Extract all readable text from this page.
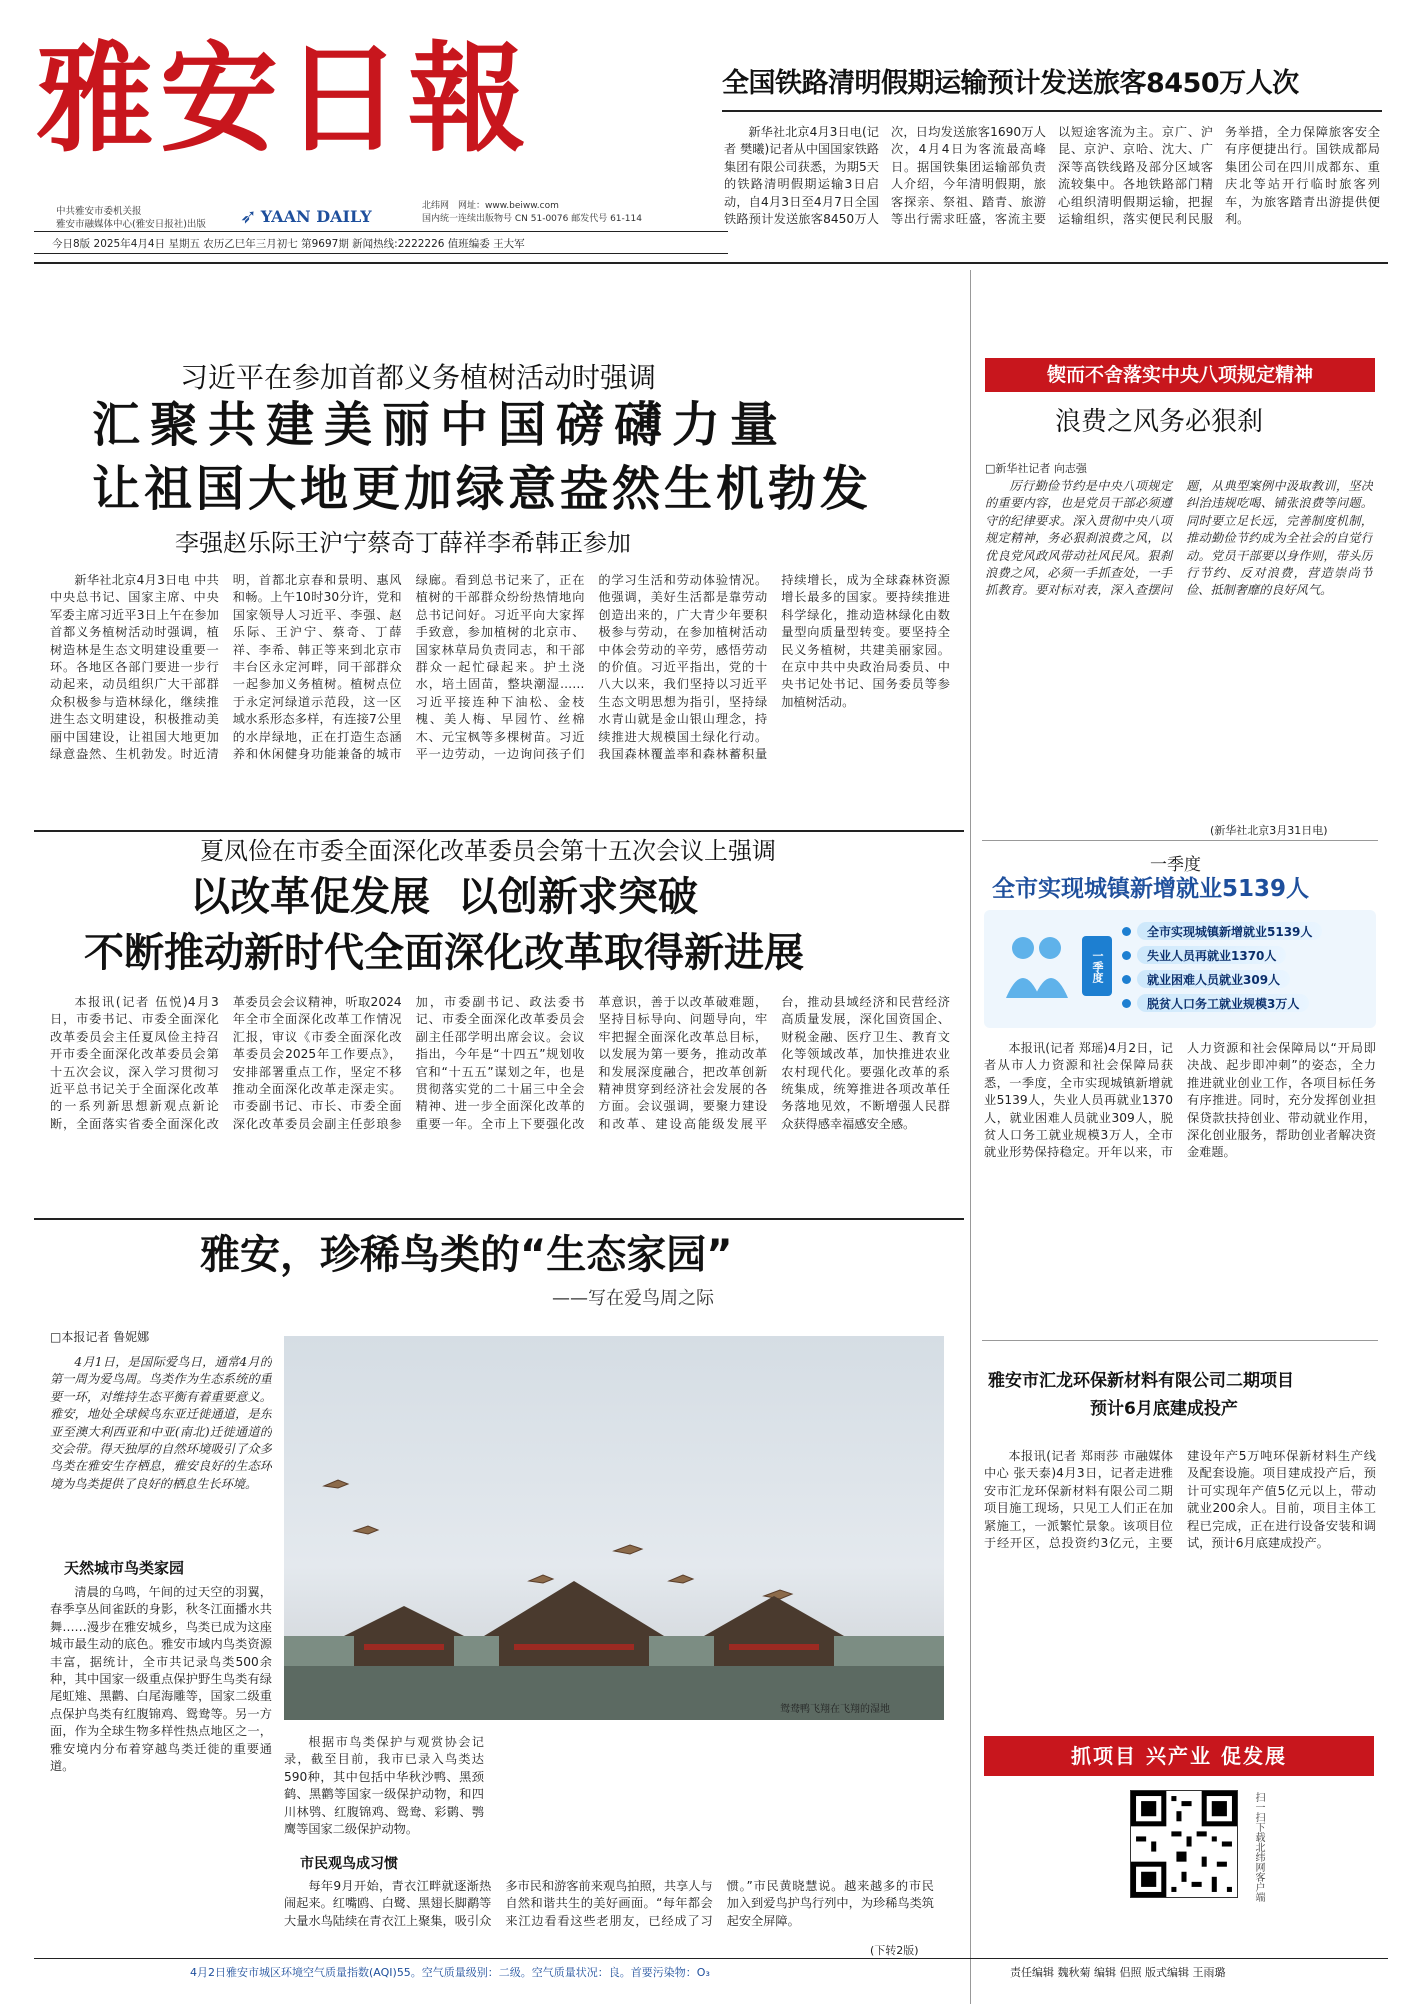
雅安日報
中共雅安市委机关报
雅安市融媒体中心(雅安日报社)出版	➶ YAAN DAILY
北纬网　 网址：www.beiww.com
国内统一连续出版物号 CN 51-0076 邮发代号 61-114
今日8版 2025年4月4日 星期五 农历乙巳年三月初七 第9697期 新闻热线:2222226 值班编委 王大军
全国铁路清明假期运输预计发送旅客8450万人次
新华社北京4月3日电(记者 樊曦)记者从中国国家铁路集团有限公司获悉，为期5天的铁路清明假期运输3日启动，自4月3日至4月7日全国铁路预计发送旅客8450万人次，日均发送旅客1690万人次，4月4日为客流最高峰日。据国铁集团运输部负责人介绍，今年清明假期，旅客探亲、祭祖、踏青、旅游等出行需求旺盛，客流主要以短途客流为主。京广、沪昆、京沪、京哈、沈大、广深等高铁线路及部分区域客流较集中。各地铁路部门精心组织清明假期运输，把握运输组织，落实便民利民服务举措，全力保障旅客安全有序便捷出行。国铁成都局集团公司在四川成都东、重庆北等站开行临时旅客列车，为旅客踏青出游提供便利。
习近平在参加首都义务植树活动时强调
汇聚共建美丽中国磅礴力量
让祖国大地更加绿意盎然生机勃发
李强赵乐际王沪宁蔡奇丁薛祥李希韩正参加
新华社北京4月3日电 中共中央总书记、国家主席、中央军委主席习近平3日上午在参加首都义务植树活动时强调，植树造林是生态文明建设重要一环。各地区各部门要进一步行动起来，动员组织广大干部群众积极参与造林绿化，继续推进生态文明建设，积极推动美丽中国建设，让祖国大地更加绿意盎然、生机勃发。时近清明，首都北京春和景明、惠风和畅。上午10时30分许，党和国家领导人习近平、李强、赵乐际、王沪宁、蔡奇、丁薛祥、李希、韩正等来到北京市丰台区永定河畔，同干部群众一起参加义务植树。植树点位于永定河绿道示范段，这一区域水系形态多样，有连接7公里的水岸绿地，正在打造生态涵养和休闲健身功能兼备的城市绿廊。看到总书记来了，正在植树的干部群众纷纷热情地向总书记问好。习近平向大家挥手致意，参加植树的北京市、国家林草局负责同志，和干部群众一起忙碌起来。护土浇水，培土固苗，整块潮湿……习近平接连种下油松、金枝槐、美人梅、早园竹、丝棉木、元宝枫等多棵树苗。习近平一边劳动，一边询问孩子们的学习生活和劳动体验情况。他强调，美好生活都是靠劳动创造出来的，广大青少年要积极参与劳动，在参加植树活动中体会劳动的辛劳，感悟劳动的价值。习近平指出，党的十八大以来，我们坚持以习近平生态文明思想为指引，坚持绿水青山就是金山银山理念，持续推进大规模国土绿化行动。我国森林覆盖率和森林蓄积量持续增长，成为全球森林资源增长最多的国家。要持续推进科学绿化，推动造林绿化由数量型向质量型转变。要坚持全民义务植树，共建美丽家园。在京中共中央政治局委员、中央书记处书记、国务委员等参加植树活动。
锲而不舍落实中央八项规定精神
浪费之风务必狠刹
□新华社记者 向志强
厉行勤俭节约是中央八项规定的重要内容，也是党员干部必须遵守的纪律要求。深入贯彻中央八项规定精神，务必狠刹浪费之风，以优良党风政风带动社风民风。狠刹浪费之风，必须一手抓查处，一手抓教育。要对标对表，深入查摆问题，从典型案例中汲取教训，坚决纠治违规吃喝、铺张浪费等问题。同时要立足长远，完善制度机制，推动勤俭节约成为全社会的自觉行动。党员干部要以身作则，带头厉行节约、反对浪费，营造崇尚节俭、抵制奢靡的良好风气。
(新华社北京3月31日电)
夏凤俭在市委全面深化改革委员会第十五次会议上强调
以改革促发展  以创新求突破
不断推动新时代全面深化改革取得新进展
本报讯(记者 伍悦)4月3日，市委书记、市委全面深化改革委员会主任夏凤俭主持召开市委全面深化改革委员会第十五次会议，深入学习贯彻习近平总书记关于全面深化改革的一系列新思想新观点新论断，全面落实省委全面深化改革委员会会议精神，听取2024年全市全面深化改革工作情况汇报，审议《市委全面深化改革委员会2025年工作要点》，安排部署重点工作，坚定不移推动全面深化改革走深走实。市委副书记、市长、市委全面深化改革委员会副主任彭琅参加，市委副书记、政法委书记、市委全面深化改革委员会副主任邵学明出席会议。会议指出，今年是“十四五”规划收官和“十五五”谋划之年，也是贯彻落实党的二十届三中全会精神、进一步全面深化改革的重要一年。全市上下要强化改革意识，善于以改革破难题，坚持目标导向、问题导向，牢牢把握全面深化改革总目标，以发展为第一要务，推动改革和发展深度融合，把改革创新精神贯穿到经济社会发展的各方面。会议强调，要聚力建设和改革、建设高能级发展平台，推动县域经济和民营经济高质量发展，深化国资国企、财税金融、医疗卫生、教育文化等领域改革，加快推进农业农村现代化。要强化改革的系统集成，统筹推进各项改革任务落地见效，不断增强人民群众获得感幸福感安全感。
雅安，珍稀鸟类的“生态家园”
——写在爱鸟周之际
□本报记者 鲁妮娜
4月1日，是国际爱鸟日，通常4月的第一周为爱鸟周。鸟类作为生态系统的重要一环，对维持生态平衡有着重要意义。雅安，地处全球候鸟东亚迁徙通道，是东亚至澳大利西亚和中亚(南北)迁徙通道的交会带。得天独厚的自然环境吸引了众多鸟类在雅安生存栖息，雅安良好的生态环境为鸟类提供了良好的栖息生长环境。
天然城市鸟类家园
清晨的乌鸣，午间的过天空的羽翼，春季享丛间雀跃的身影，秋冬江面播水共舞……漫步在雅安城乡，鸟类已成为这座城市最生动的底色。雅安市域内鸟类资源丰富，据统计，全市共记录鸟类500余种，其中国家一级重点保护野生鸟类有绿尾虹雉、黑鹳、白尾海雕等，国家二级重点保护鸟类有红腹锦鸡、鸳鸯等。另一方面，作为全球生物多样性热点地区之一，雅安境内分布着穿越鸟类迁徙的重要通道。
鸳鸯鸭飞翔在飞翔的湿地
根据市鸟类保护与观赏协会记录，截至目前，我市已录入鸟类达590种，其中包括中华秋沙鸭、黑颈鹤、黑鹳等国家一级保护动物，和四川林鸮、红腹锦鸡、鸳鸯、彩鹮、鹗鹰等国家二级保护动物。
市民观鸟成习惯
每年9月开始，青衣江畔就逐渐热闹起来。红嘴鸥、白鹭、黑翅长脚鹬等大量水鸟陆续在青衣江上聚集，吸引众多市民和游客前来观鸟拍照，共享人与自然和谐共生的美好画面。“每年都会来江边看看这些老朋友，已经成了习惯。”市民黄晓慧说。越来越多的市民加入到爱鸟护鸟行列中，为珍稀鸟类筑起安全屏障。
(下转2版)
一季度
全市实现城镇新增就业5139人
一季度
全市实现城镇新增就业5139人
失业人员再就业1370人
就业困难人员就业309人
脱贫人口务工就业规模3万人
本报讯(记者 郑瑶)4月2日，记者从市人力资源和社会保障局获悉，一季度，全市实现城镇新增就业5139人，失业人员再就业1370人，就业困难人员就业309人，脱贫人口务工就业规模3万人，全市就业形势保持稳定。开年以来，市人力资源和社会保障局以“开局即决战、起步即冲刺”的姿态，全力推进就业创业工作，各项目标任务有序推进。同时，充分发挥创业担保贷款扶持创业、带动就业作用，深化创业服务，帮助创业者解决资金难题。
雅安市汇龙环保新材料有限公司二期项目
预计6月底建成投产
本报讯(记者 郑雨莎 市融媒体中心 张天泰)4月3日，记者走进雅安市汇龙环保新材料有限公司二期项目施工现场，只见工人们正在加紧施工，一派繁忙景象。该项目位于经开区，总投资约3亿元，主要建设年产5万吨环保新材料生产线及配套设施。项目建成投产后，预计可实现年产值5亿元以上，带动就业200余人。目前，项目主体工程已完成，正在进行设备安装和调试，预计6月底建成投产。
抓项目 兴产业 促发展
扫一扫下载北纬网客户端
4月2日雅安市城区环境空气质量指数(AQI)55。空气质量级别：二级。空气质量状况：良。首要污染物：O₃	责任编辑 魏秋菊 编辑 侣照 版式编辑 王雨璐
